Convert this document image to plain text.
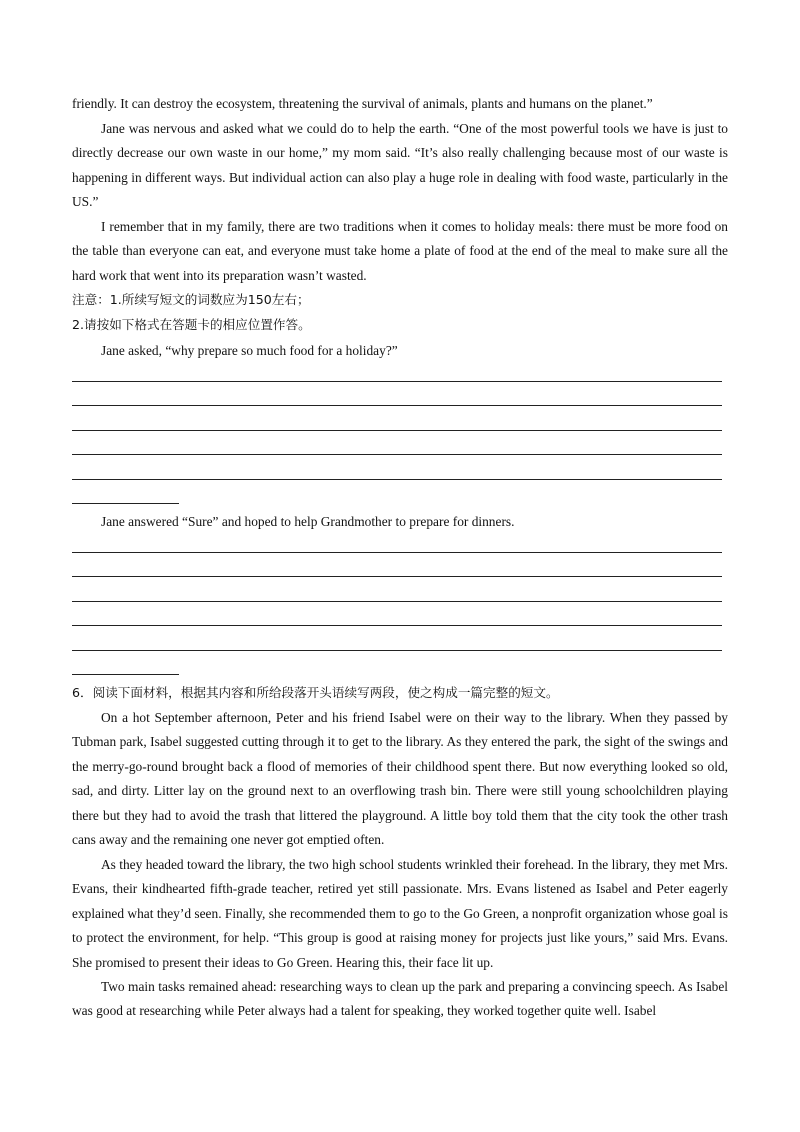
friendly. It can destroy the ecosystem, threatening the survival of animals, plants and humans on the planet.”

Jane was nervous and asked what we could do to help the earth. “One of the most powerful tools we have is just to directly decrease our own waste in our home,” my mom said. “It’s also really challenging because most of our waste is happening in different ways. But individual action can also play a huge role in dealing with food waste, particularly in the US.”

I remember that in my family, there are two traditions when it comes to holiday meals: there must be more food on the table than everyone can eat, and everyone must take home a plate of food at the end of the meal to make sure all the hard work that went into its preparation wasn’t wasted.

注意：1.所续写短文的词数应为150左右；

2.请按如下格式在答题卡的相应位置作答。

Jane asked, “why prepare so much food for a holiday?”

Jane answered “Sure” and hoped to help Grandmother to prepare for dinners.

6．阅读下面材料，根据其内容和所给段落开头语续写两段，使之构成一篇完整的短文。

On a hot September afternoon, Peter and his friend Isabel were on their way to the library. When they passed by Tubman park, Isabel suggested cutting through it to get to the library. As they entered the park, the sight of the swings and the merry-go-round brought back a flood of memories of their childhood spent there. But now everything looked so old, sad, and dirty. Litter lay on the ground next to an overflowing trash bin. There were still young schoolchildren playing there but they had to avoid the trash that littered the playground. A little boy told them that the city took the other trash cans away and the remaining one never got emptied often.

As they headed toward the library, the two high school students wrinkled their forehead. In the library, they met Mrs. Evans, their kindhearted fifth-grade teacher, retired yet still passionate. Mrs. Evans listened as Isabel and Peter eagerly explained what they’d seen. Finally, she recommended them to go to the Go Green, a nonprofit organization whose goal is to protect the environment, for help. “This group is good at raising money for projects just like yours,” said Mrs. Evans. She promised to present their ideas to Go Green. Hearing this, their face lit up.

Two main tasks remained ahead: researching ways to clean up the park and preparing a convincing speech. As Isabel was good at researching while Peter always had a talent for speaking, they worked together quite well. Isabel
